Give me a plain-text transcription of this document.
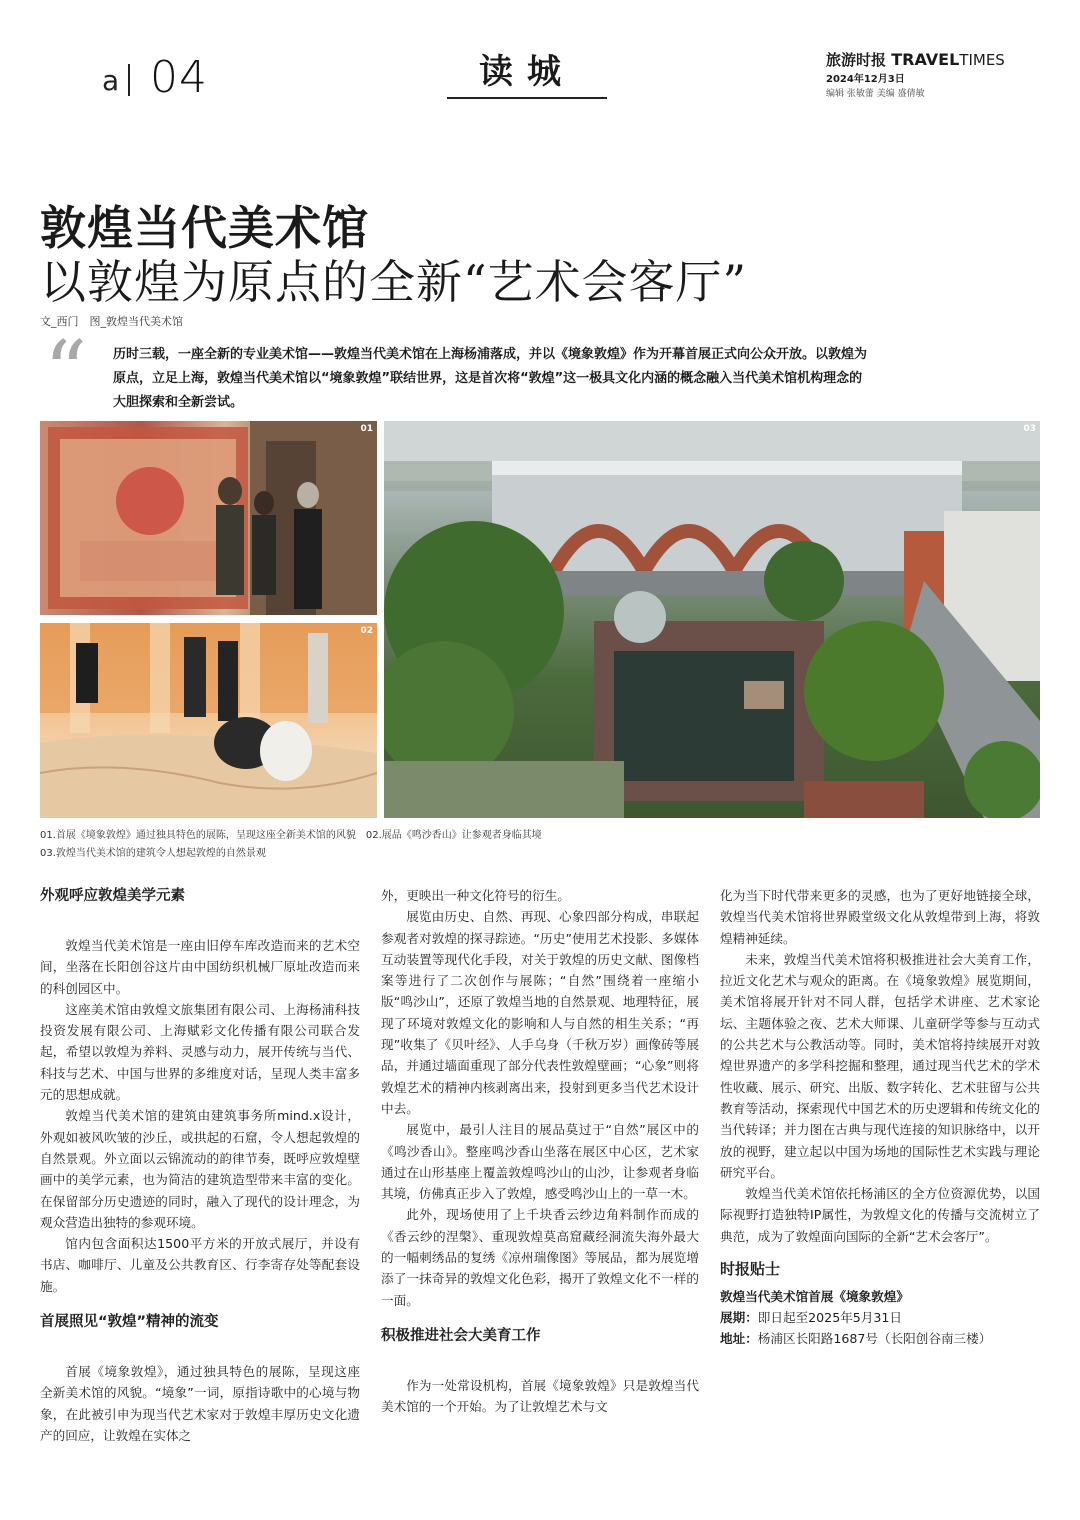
a 04	读城	旅游时报 TRAVELTIMES
2024年12月3日
编辑 张敏蕾 美编 盛倩敏
敦煌当代美术馆
以敦煌为原点的全新“艺术会客厅”
文_西门　图_敦煌当代美术馆
“ 历时三载，一座全新的专业美术馆——敦煌当代美术馆在上海杨浦落成，并以《境象敦煌》作为开幕首展正式向公众开放。以敦煌为原点，立足上海，敦煌当代美术馆以“境象敦煌”联结世界，这是首次将“敦煌”这一极具文化内涵的概念融入当代美术馆机构理念的大胆探索和全新尝试。
01
02
03
01.首展《境象敦煌》通过独具特色的展陈，呈现这座全新美术馆的风貌　02.展品《鸣沙香山》让参观者身临其境
03.敦煌当代美术馆的建筑令人想起敦煌的自然景观
外观呼应敦煌美学元素

敦煌当代美术馆是一座由旧停车库改造而来的艺术空间，坐落在长阳创谷这片由中国纺织机械厂原址改造而来的科创园区中。

这座美术馆由敦煌文旅集团有限公司、上海杨浦科技投资发展有限公司、上海赋彩文化传播有限公司联合发起，希望以敦煌为养料、灵感与动力，展开传统与当代、科技与艺术、中国与世界的多维度对话，呈现人类丰富多元的思想成就。

敦煌当代美术馆的建筑由建筑事务所mind.x设计，外观如被风吹皱的沙丘，或拱起的石窟，令人想起敦煌的自然景观。外立面以云锦流动的韵律节奏，既呼应敦煌壁画中的美学元素，也为简洁的建筑造型带来丰富的变化。在保留部分历史遗迹的同时，融入了现代的设计理念，为观众营造出独特的参观环境。

馆内包含面积达1500平方米的开放式展厅，并设有书店、咖啡厅、儿童及公共教育区、行李寄存处等配套设施。

首展照见“敦煌”精神的流变

首展《境象敦煌》，通过独具特色的展陈，呈现这座全新美术馆的风貌。“境象”一词，原指诗歌中的心境与物象，在此被引申为现当代艺术家对于敦煌丰厚历史文化遗产的回应，让敦煌在实体之

外，更映出一种文化符号的衍生。

展览由历史、自然、再现、心象四部分构成，串联起参观者对敦煌的探寻踪迹。“历史”使用艺术投影、多媒体互动装置等现代化手段，对关于敦煌的历史文献、图像档案等进行了二次创作与展陈；“自然”围绕着一座缩小版“鸣沙山”，还原了敦煌当地的自然景观、地理特征，展现了环境对敦煌文化的影响和人与自然的相生关系；“再现”收集了《贝叶经》、人手乌身（千秋万岁）画像砖等展品，并通过墙面重现了部分代表性敦煌壁画；“心象”则将敦煌艺术的精神内核剥离出来，投射到更多当代艺术设计中去。

展览中，最引人注目的展品莫过于“自然”展区中的《鸣沙香山》。整座鸣沙香山坐落在展区中心区，艺术家通过在山形基座上覆盖敦煌鸣沙山的山沙，让参观者身临其境，仿佛真正步入了敦煌，感受鸣沙山上的一草一木。

此外，现场使用了上千块香云纱边角料制作而成的《香云纱的涅槃》、重现敦煌莫高窟藏经洞流失海外最大的一幅刺绣品的复绣《凉州瑞像图》等展品，都为展览增添了一抹奇异的敦煌文化色彩，揭开了敦煌文化不一样的一面。

积极推进社会大美育工作

作为一处常设机构，首展《境象敦煌》只是敦煌当代美术馆的一个开始。为了让敦煌艺术与文

化为当下时代带来更多的灵感，也为了更好地链接全球，敦煌当代美术馆将世界殿堂级文化从敦煌带到上海，将敦煌精神延续。

未来，敦煌当代美术馆将积极推进社会大美育工作，拉近文化艺术与观众的距离。在《境象敦煌》展览期间，美术馆将展开针对不同人群，包括学术讲座、艺术家论坛、主题体验之夜、艺术大师课、儿童研学等参与互动式的公共艺术与公教活动等。同时，美术馆将持续展开对敦煌世界遗产的多学科挖掘和整理，通过现当代艺术的学术性收藏、展示、研究、出版、数字转化、艺术驻留与公共教育等活动，探索现代中国艺术的历史逻辑和传统文化的当代转译；并力图在古典与现代连接的知识脉络中，以开放的视野，建立起以中国为场地的国际性艺术实践与理论研究平台。

敦煌当代美术馆依托杨浦区的全方位资源优势，以国际视野打造独特IP属性，为敦煌文化的传播与交流树立了典范，成为了敦煌面向国际的全新“艺术会客厅”。

时报贴士
敦煌当代美术馆首展《境象敦煌》
展期：即日起至2025年5月31日
地址：杨浦区长阳路1687号（长阳创谷南三楼）
